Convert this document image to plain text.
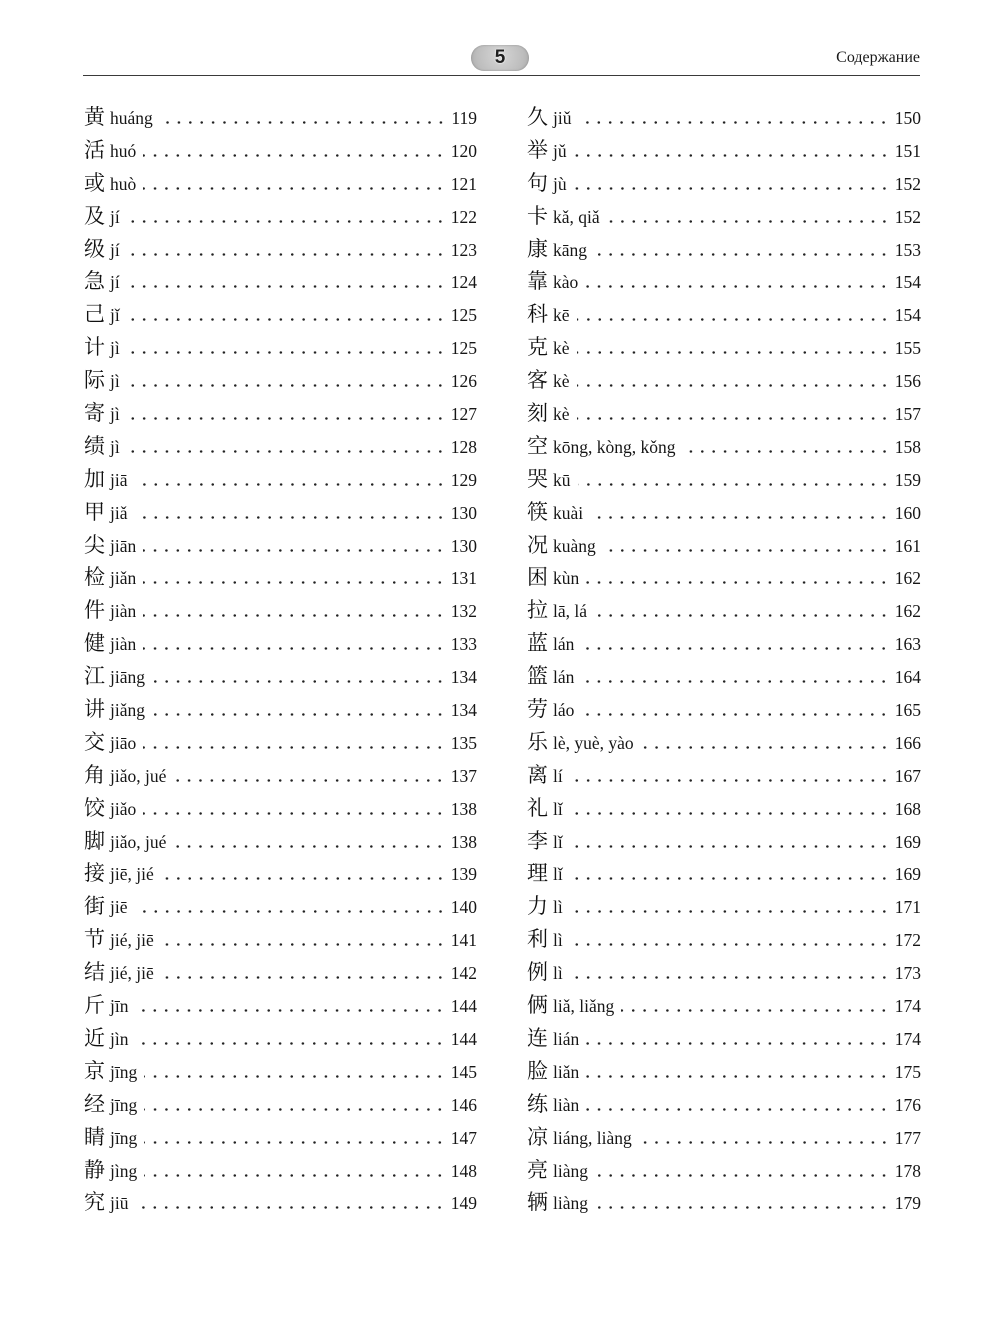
5	Содержание
黄 huáng	119
活 huó	120
或 huò	121
及 jí	122
级 jí	123
急 jí	124
己 jǐ	125
计 jì	125
际 jì	126
寄 jì	127
绩 jì	128
加 jiā	129
甲 jiǎ	130
尖 jiān	130
检 jiǎn	131
件 jiàn	132
健 jiàn	133
江 jiāng	134
讲 jiǎng	134
交 jiāo	135
角 jiǎo, jué	137
饺 jiǎo	138
脚 jiǎo, jué	138
接 jiē, jié	139
街 jiē	140
节 jié, jiē	141
结 jié, jiē	142
斤 jīn	144
近 jìn	144
京 jīng	145
经 jīng	146
睛 jīng	147
静 jìng	148
究 jiū	149
久 jiǔ	150
举 jǔ	151
句 jù	152
卡 kǎ, qiǎ	152
康 kāng	153
靠 kào	154
科 kē	154
克 kè	155
客 kè	156
刻 kè	157
空 kōng, kòng, kǒng	158
哭 kū	159
筷 kuài	160
况 kuàng	161
困 kùn	162
拉 lā, lá	162
蓝 lán	163
篮 lán	164
劳 láo	165
乐 lè, yuè, yào	166
离 lí	167
礼 lǐ	168
李 lǐ	169
理 lǐ	169
力 lì	171
利 lì	172
例 lì	173
俩 liǎ, liǎng	174
连 lián	174
脸 liǎn	175
练 liàn	176
凉 liáng, liàng	177
亮 liàng	178
辆 liàng	179
